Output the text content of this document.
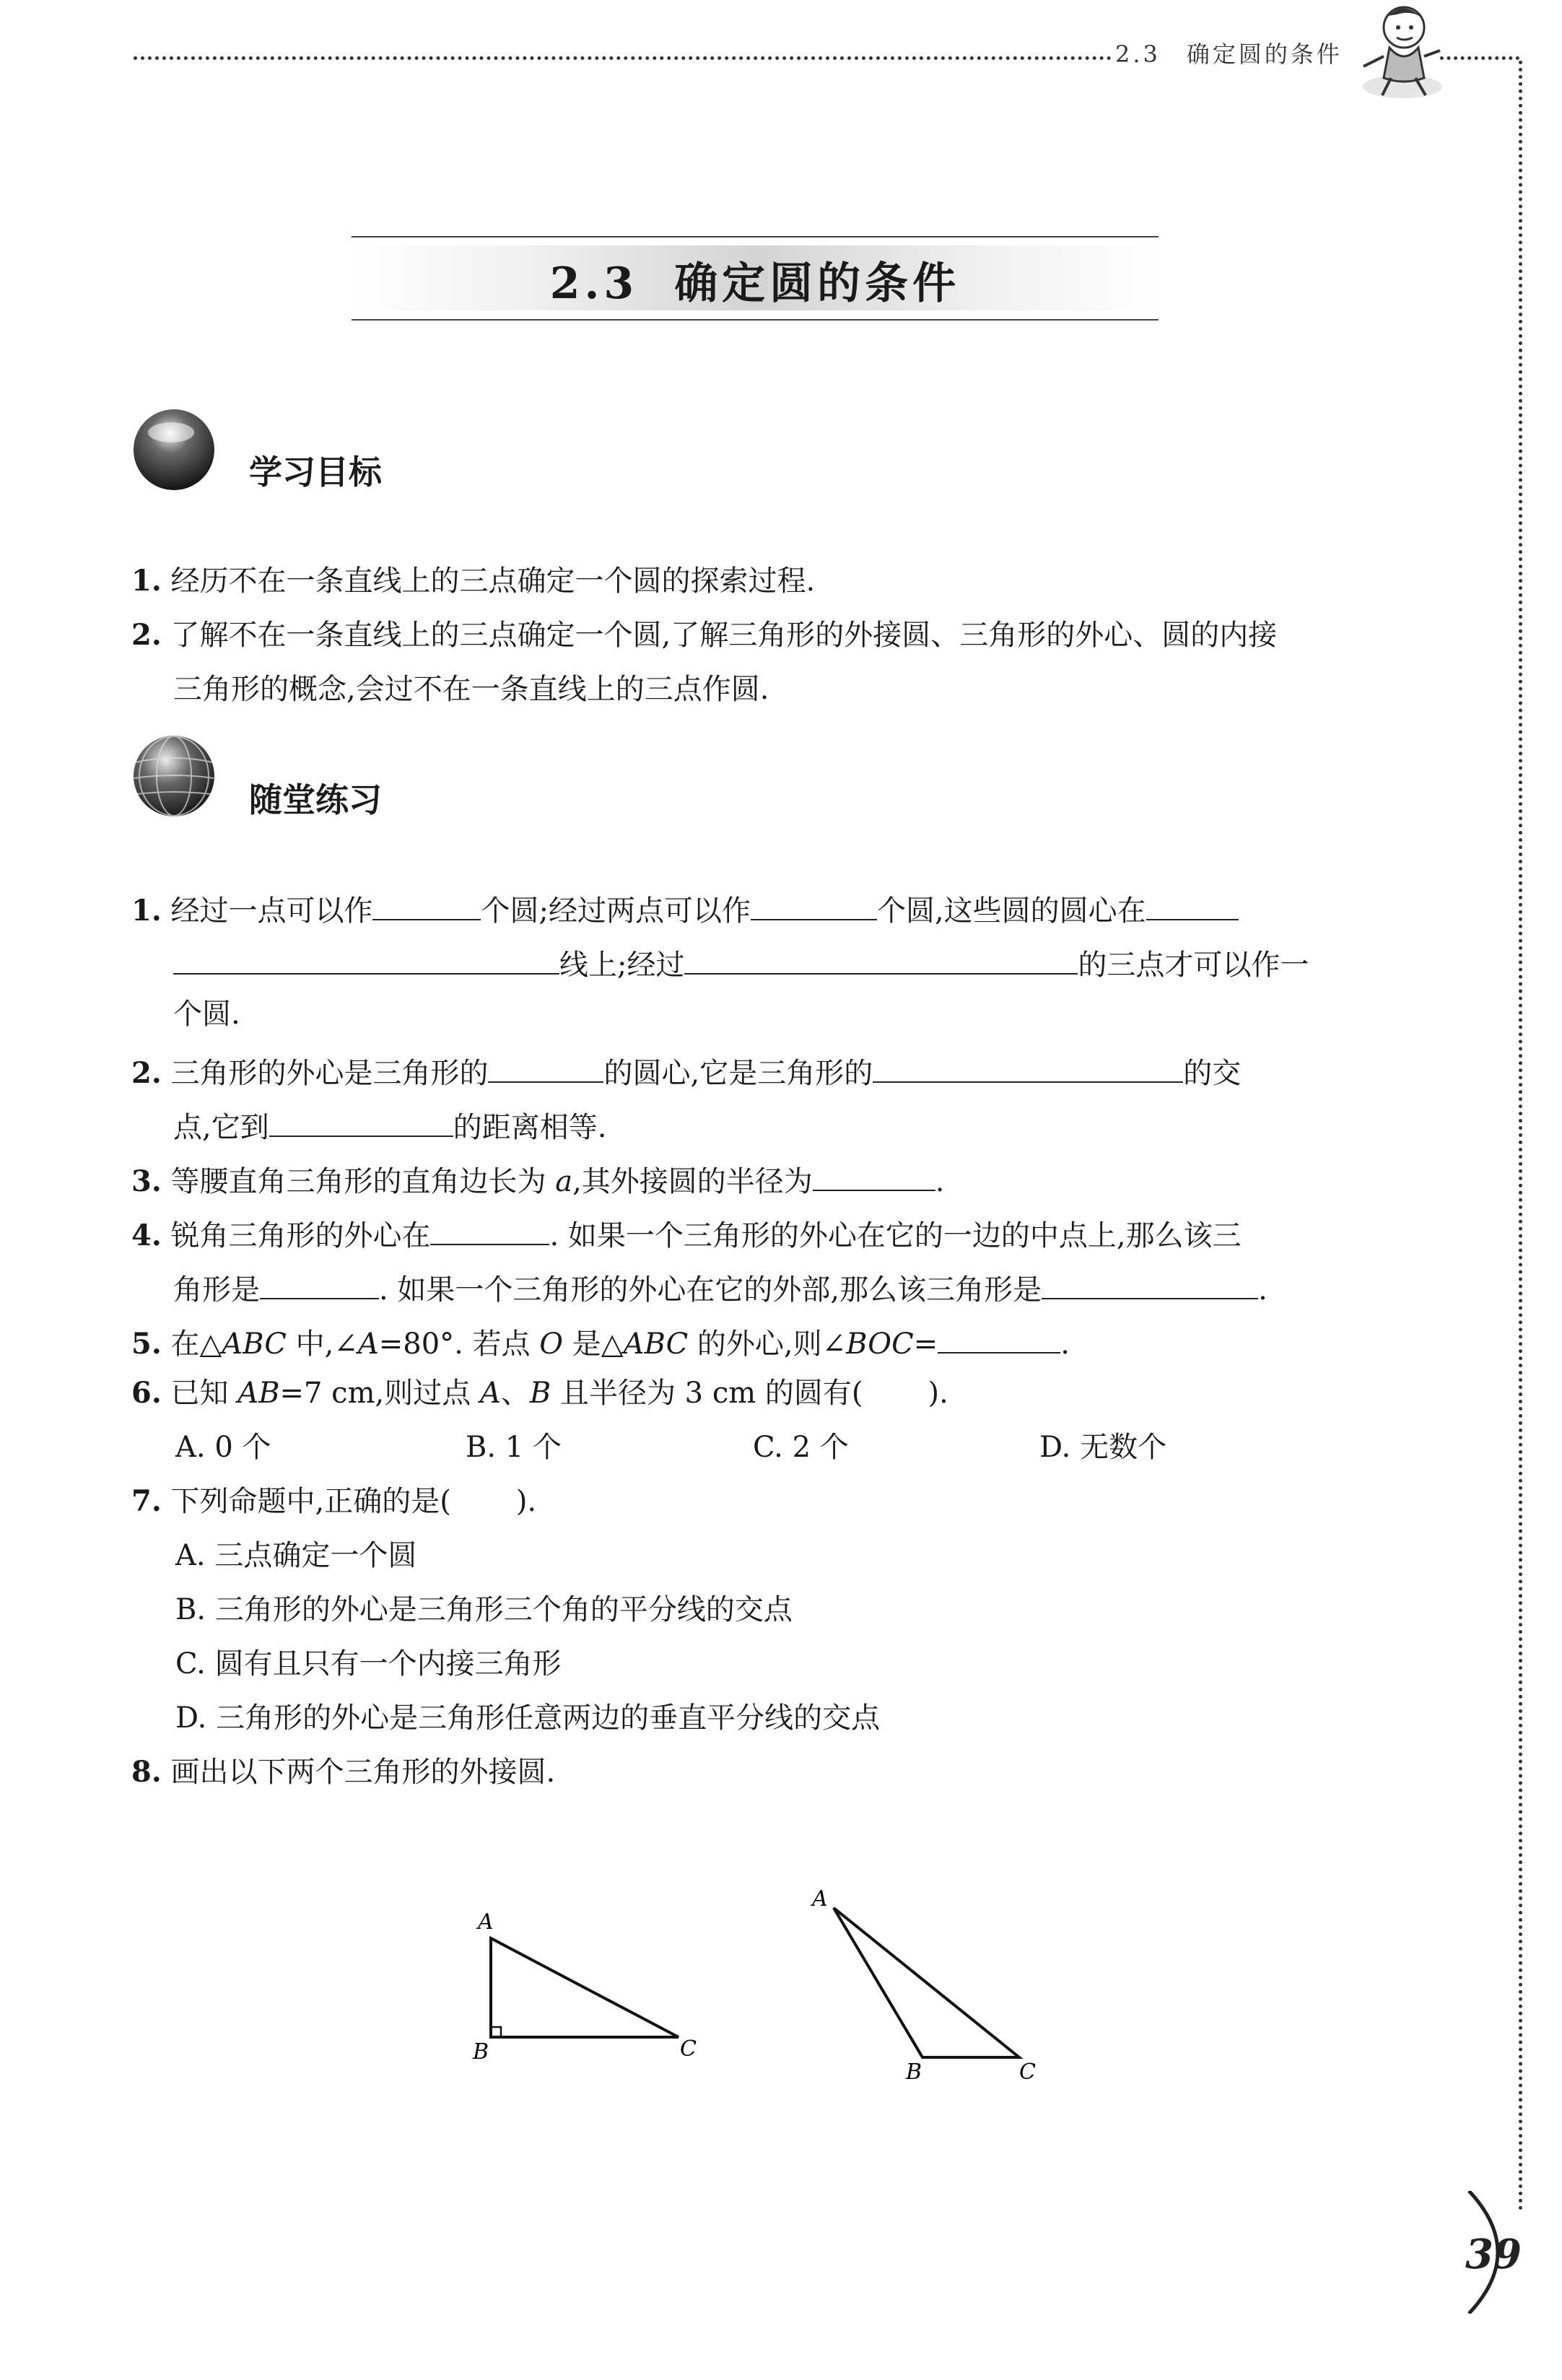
2.3　确定圆的条件
2.3 确定圆的条件
学习目标
1. 经历不在一条直线上的三点确定一个圆的探索过程.
2. 了解不在一条直线上的三点确定一个圆,了解三角形的外接圆、三角形的外心、圆的内接
三角形的概念,会过不在一条直线上的三点作圆.
随堂练习
1. 经过一点可以作	个圆;经过两点可以作	个圆,这些圆的圆心在
线上;经过	的三点才可以作一
个圆.
2. 三角形的外心是三角形的	的圆心,它是三角形的	的交
点,它到	的距离相等.
3. 等腰直角三角形的直角边长为 a,其外接圆的半径为	.
4. 锐角三角形的外心在	. 如果一个三角形的外心在它的一边的中点上,那么该三
角形是	. 如果一个三角形的外心在它的外部,那么该三角形是	.
5. 在△ABC 中,∠A=80°. 若点 O 是△ABC 的外心,则∠BOC=	.
6. 已知 AB=7 cm,则过点 A、B 且半径为 3 cm 的圆有( ).
A. 0 个	B. 1 个	C. 2 个	D. 无数个
7. 下列命题中,正确的是( ).
A. 三点确定一个圆
B. 三角形的外心是三角形三个角的平分线的交点
C. 圆有且只有一个内接三角形
D. 三角形的外心是三角形任意两边的垂直平分线的交点
8. 画出以下两个三角形的外接圆.
A
B	C
A
B	C
39
